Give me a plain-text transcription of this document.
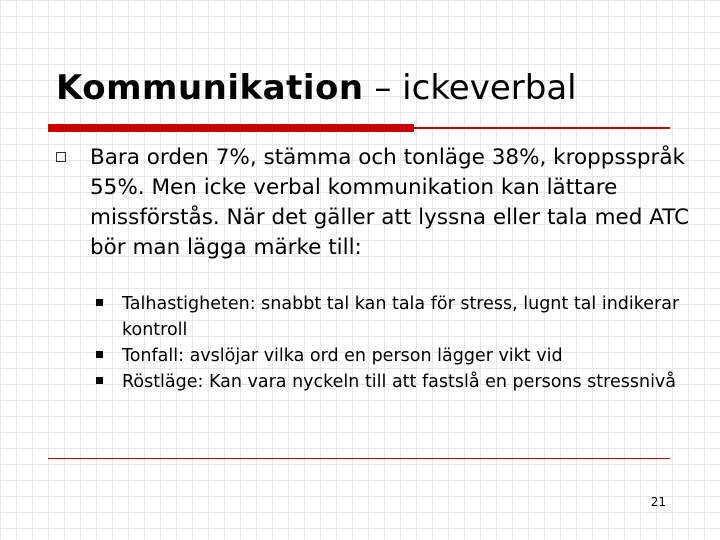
Kommunikation – ickeverbal
Bara orden 7%, stämma och tonläge 38%, kroppsspråk 55%. Men icke verbal kommunikation kan lättare missförstås. När det gäller att lyssna eller tala med ATC bör man lägga märke till:
Talhastigheten: snabbt tal kan tala för stress, lugnt tal indikerar kontroll
Tonfall: avslöjar vilka ord en person lägger vikt vid
Röstläge: Kan vara nyckeln till att fastslå en persons stressnivå
21
